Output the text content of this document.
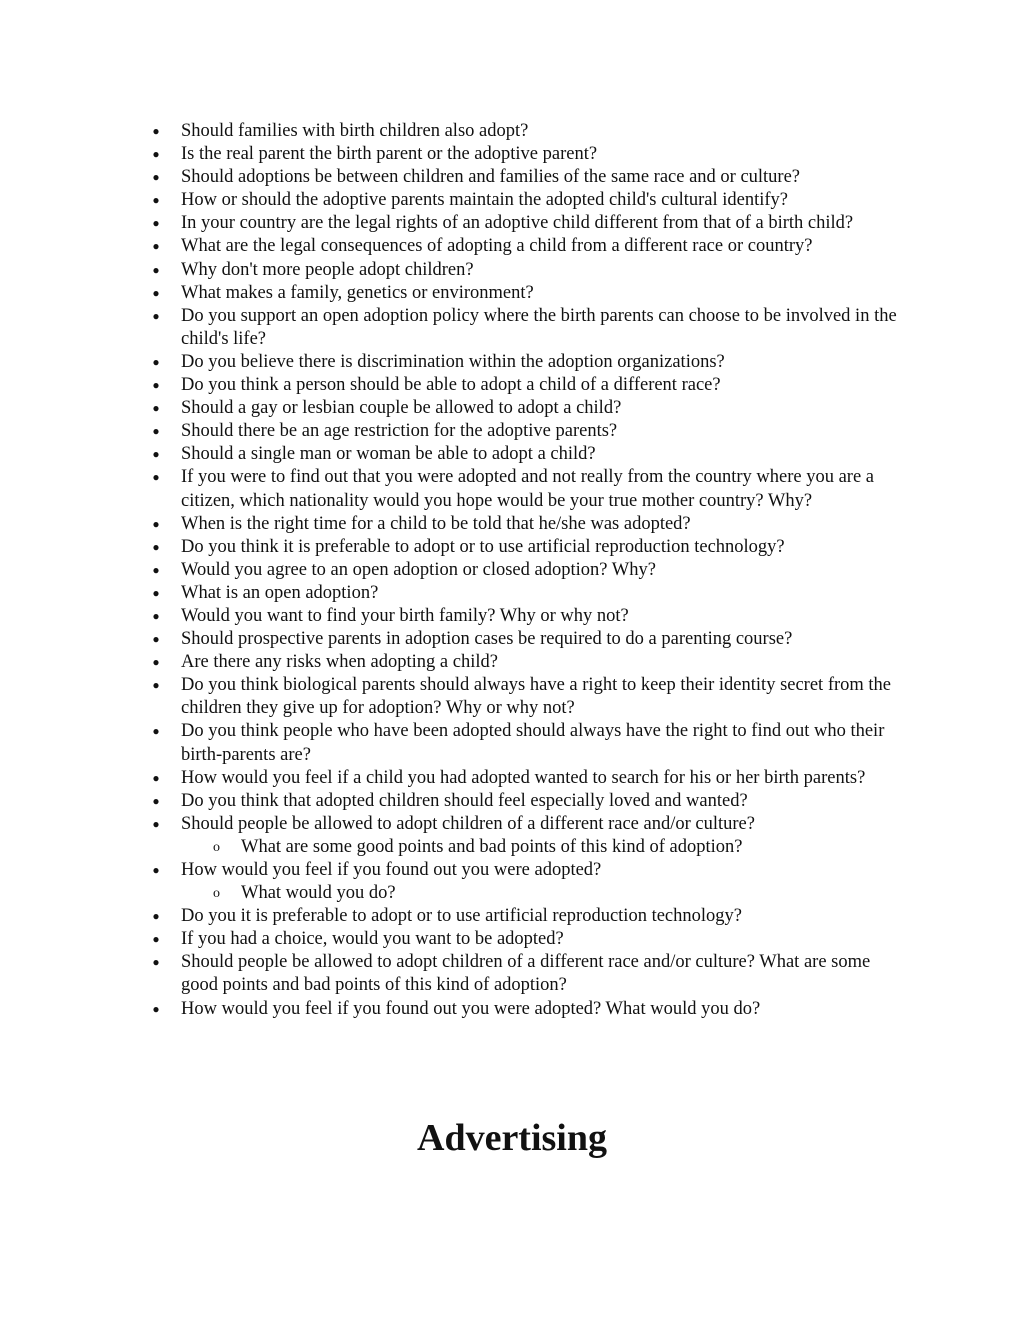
● Should families with birth children also adopt?
● Is the real parent the birth parent or the adoptive parent?
● Should adoptions be between children and families of the same race and or culture?
● How or should the adoptive parents maintain the adopted child's cultural identify?
● In your country are the legal rights of an adoptive child different from that of a birth child?
● What are the legal consequences of adopting a child from a different race or country?
● Why don't more people adopt children?
● What makes a family, genetics or environment?
● Do you support an open adoption policy where the birth parents can choose to be involved in the child's life?
● Do you believe there is discrimination within the adoption organizations?
● Do you think a person should be able to adopt a child of a different race?
● Should a gay or lesbian couple be allowed to adopt a child?
● Should there be an age restriction for the adoptive parents?
● Should a single man or woman be able to adopt a child?
● If you were to find out that you were adopted and not really from the country where you are a citizen, which nationality would you hope would be your true mother country? Why?
● When is the right time for a child to be told that he/she was adopted?
● Do you think it is preferable to adopt or to use artificial reproduction technology?
● Would you agree to an open adoption or closed adoption? Why?
● What is an open adoption?
● Would you want to find your birth family? Why or why not?
● Should prospective parents in adoption cases be required to do a parenting course?
● Are there any risks when adopting a child?
● Do you think biological parents should always have a right to keep their identity secret from the children they give up for adoption? Why or why not?
● Do you think people who have been adopted should always have the right to find out who their birth-parents are?
● How would you feel if a child you had adopted wanted to search for his or her birth parents?
● Do you think that adopted children should feel especially loved and wanted?
● Should people be allowed to adopt children of a different race and/or culture?
o What are some good points and bad points of this kind of adoption?
● How would you feel if you found out you were adopted?
o What would you do?
● Do you it is preferable to adopt or to use artificial reproduction technology?
● If you had a choice, would you want to be adopted?
● Should people be allowed to adopt children of a different race and/or culture? What are some good points and bad points of this kind of adoption?
● How would you feel if you found out you were adopted? What would you do?
Advertising
